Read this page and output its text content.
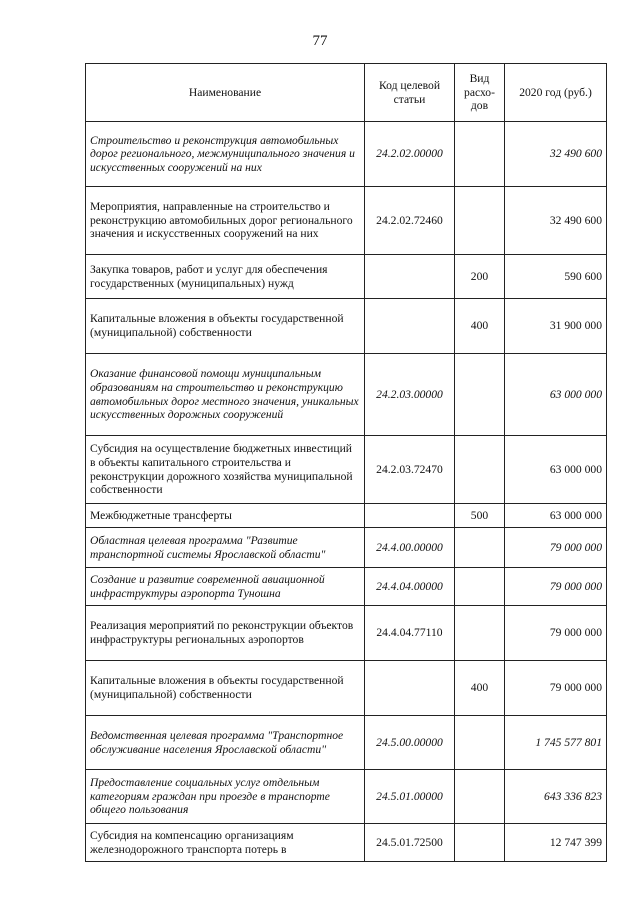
77
Наименование	Код целевой статьи	Вид расхо- дов	2020 год (руб.)
Строительство и реконструкция автомобильных дорог регионального, межмуниципального значения и искусственных сооружений на них	24.2.02.00000		32 490 600
Мероприятия, направленные на строительство и реконструкцию автомобильных дорог регионального значения и искусственных сооружений на них	24.2.02.72460		32 490 600
Закупка товаров, работ и услуг для обеспечения государственных (муниципальных) нужд		200	590 600
Капитальные вложения в объекты государственной (муниципальной) собственности		400	31 900 000
Оказание финансовой помощи муниципальным образованиям на строительство и реконструкцию автомобильных дорог местного значения, уникальных искусственных дорожных сооружений	24.2.03.00000		63 000 000
Субсидия на осуществление бюджетных инвестиций в объекты капитального строительства и реконструкции дорожного хозяйства муниципальной собственности	24.2.03.72470		63 000 000
Межбюджетные трансферты		500	63 000 000
Областная целевая программа "Развитие транспортной системы Ярославской области"	24.4.00.00000		79 000 000
Создание и развитие современной авиационной инфраструктуры аэропорта Туношна	24.4.04.00000		79 000 000
Реализация мероприятий по реконструкции объектов инфраструктуры региональных аэропортов	24.4.04.77110		79 000 000
Капитальные вложения в объекты государственной (муниципальной) собственности		400	79 000 000
Ведомственная целевая программа "Транспортное обслуживание населения Ярославской области"	24.5.00.00000		1 745 577 801
Предоставление социальных услуг отдельным категориям граждан при проезде в транспорте общего пользования	24.5.01.00000		643 336 823
Субсидия на компенсацию организациям железнодорожного транспорта потерь в	24.5.01.72500		12 747 399
